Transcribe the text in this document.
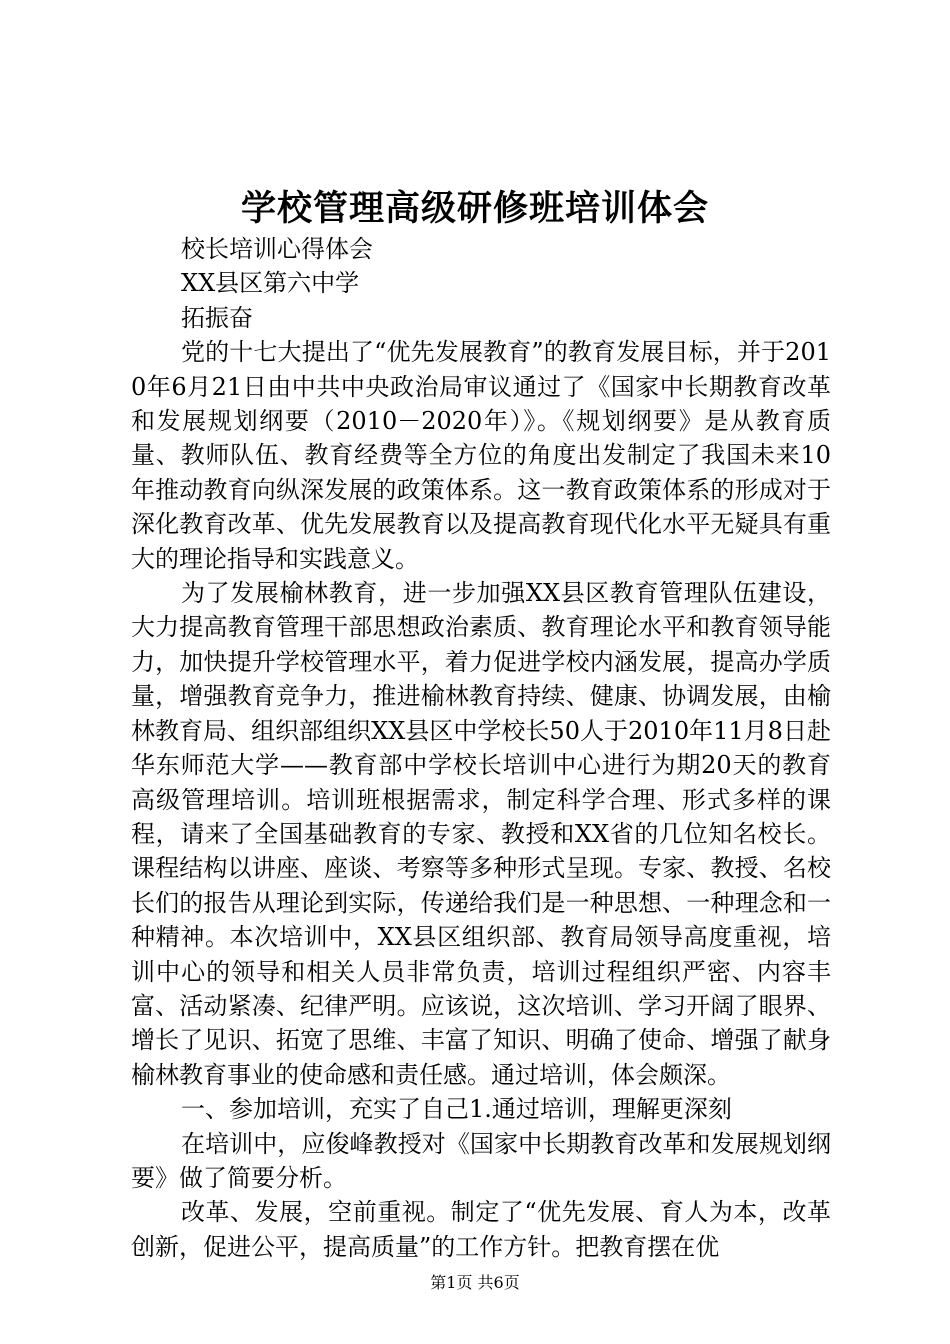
学校管理高级研修班培训体会

校长培训心得体会

XX县区第六中学

拓振奋

党的十七大提出了“优先发展教育”的教育发展目标，并于2010年6月21日由中共中央政治局审议通过了《国家中长期教育改革和发展规划纲要（2010－2020年）》。《规划纲要》是从教育质量、教师队伍、教育经费等全方位的角度出发制定了我国未来10年推动教育向纵深发展的政策体系。这一教育政策体系的形成对于深化教育改革、优先发展教育以及提高教育现代化水平无疑具有重大的理论指导和实践意义。

为了发展榆林教育，进一步加强XX县区教育管理队伍建设，大力提高教育管理干部思想政治素质、教育理论水平和教育领导能力，加快提升学校管理水平，着力促进学校内涵发展，提高办学质量，增强教育竞争力，推进榆林教育持续、健康、协调发展，由榆林教育局、组织部组织XX县区中学校长50人于2010年11月8日赴华东师范大学——教育部中学校长培训中心进行为期20天的教育高级管理培训。培训班根据需求，制定科学合理、形式多样的课程，请来了全国基础教育的专家、教授和XX省的几位知名校长。课程结构以讲座、座谈、考察等多种形式呈现。专家、教授、名校长们的报告从理论到实际，传递给我们是一种思想、一种理念和一种精神。本次培训中，XX县区组织部、教育局领导高度重视，培训中心的领导和相关人员非常负责，培训过程组织严密、内容丰富、活动紧凑、纪律严明。应该说，这次培训、学习开阔了眼界、增长了见识、拓宽了思维、丰富了知识、明确了使命、增强了献身榆林教育事业的使命感和责任感。通过培训，体会颇深。

一、参加培训，充实了自己1.通过培训，理解更深刻

在培训中，应俊峰教授对《国家中长期教育改革和发展规划纲要》做了简要分析。

改革、发展，空前重视。制定了“优先发展、育人为本，改革创新，促进公平，提高质量”的工作方针。把教育摆在优

第1页 共6页
